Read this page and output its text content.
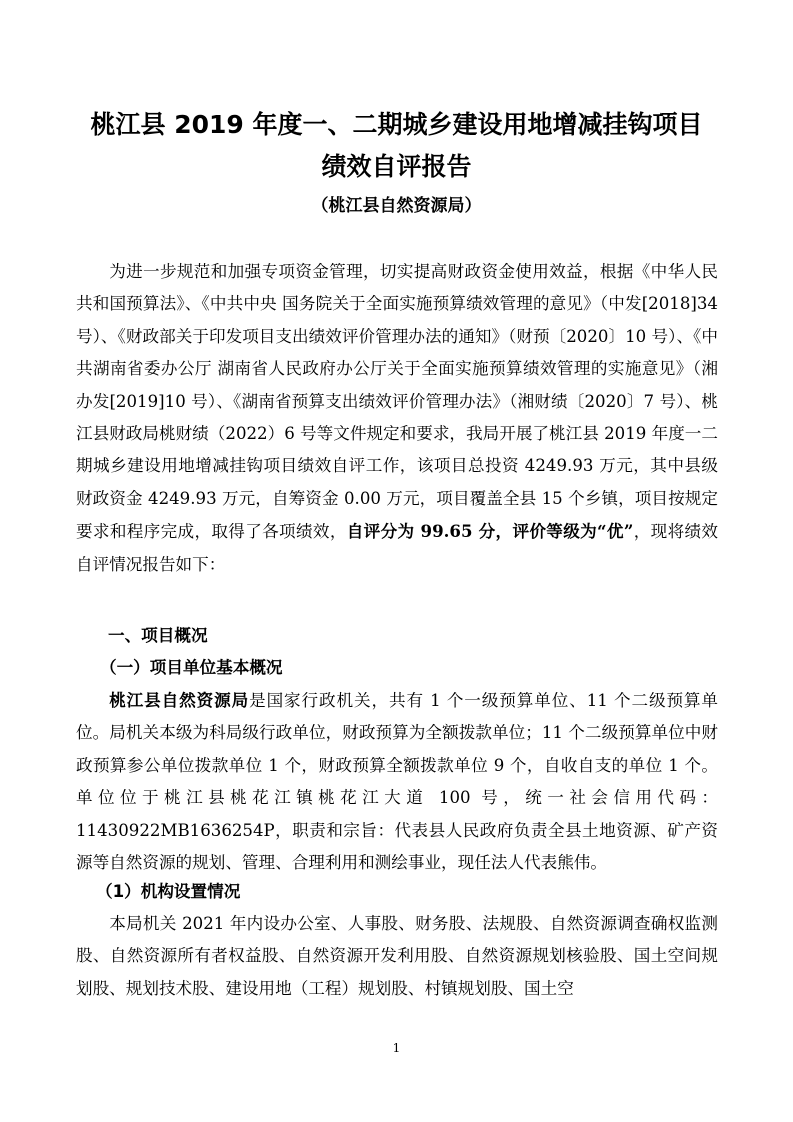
桃江县 2019 年度一、二期城乡建设用地增减挂钩项目
绩效自评报告

（桃江县自然资源局）

为进一步规范和加强专项资金管理，切实提高财政资金使用效益，根据《中华人民共和国预算法》、《中共中央 国务院关于全面实施预算绩效管理的意见》（中发[2018]34 号）、《财政部关于印发项目支出绩效评价管理办法的通知》（财预〔2020〕10 号）、《中共湖南省委办公厅 湖南省人民政府办公厅关于全面实施预算绩效管理的实施意见》（湘办发[2019]10 号）、《湖南省预算支出绩效评价管理办法》（湘财绩〔2020〕7 号）、桃江县财政局桃财绩（2022）6 号等文件规定和要求，我局开展了桃江县 2019 年度一二期城乡建设用地增减挂钩项目绩效自评工作，该项目总投资 4249.93 万元，其中县级财政资金 4249.93 万元，自筹资金 0.00 万元，项目覆盖全县 15 个乡镇，项目按规定要求和程序完成，取得了各项绩效，自评分为 99.65 分，评价等级为“优”，现将绩效自评情况报告如下：

一、项目概况

（一）项目单位基本概况

桃江县自然资源局是国家行政机关，共有 1 个一级预算单位、11 个二级预算单位。局机关本级为科局级行政单位，财政预算为全额拨款单位；11 个二级预算单位中财政预算参公单位拨款单位 1 个，财政预算全额拨款单位 9 个，自收自支的单位 1 个。单位位于桃江县桃花江镇桃花江大道 100 号，统一社会信用代码：11430922MB1636254P，职责和宗旨：代表县人民政府负责全县土地资源、矿产资源等自然资源的规划、管理、合理利用和测绘事业，现任法人代表熊伟。

（1）机构设置情况

本局机关 2021 年内设办公室、人事股、财务股、法规股、自然资源调查确权监测股、自然资源所有者权益股、自然资源开发利用股、自然资源规划核验股、国土空间规划股、规划技术股、建设用地（工程）规划股、村镇规划股、国土空

1
